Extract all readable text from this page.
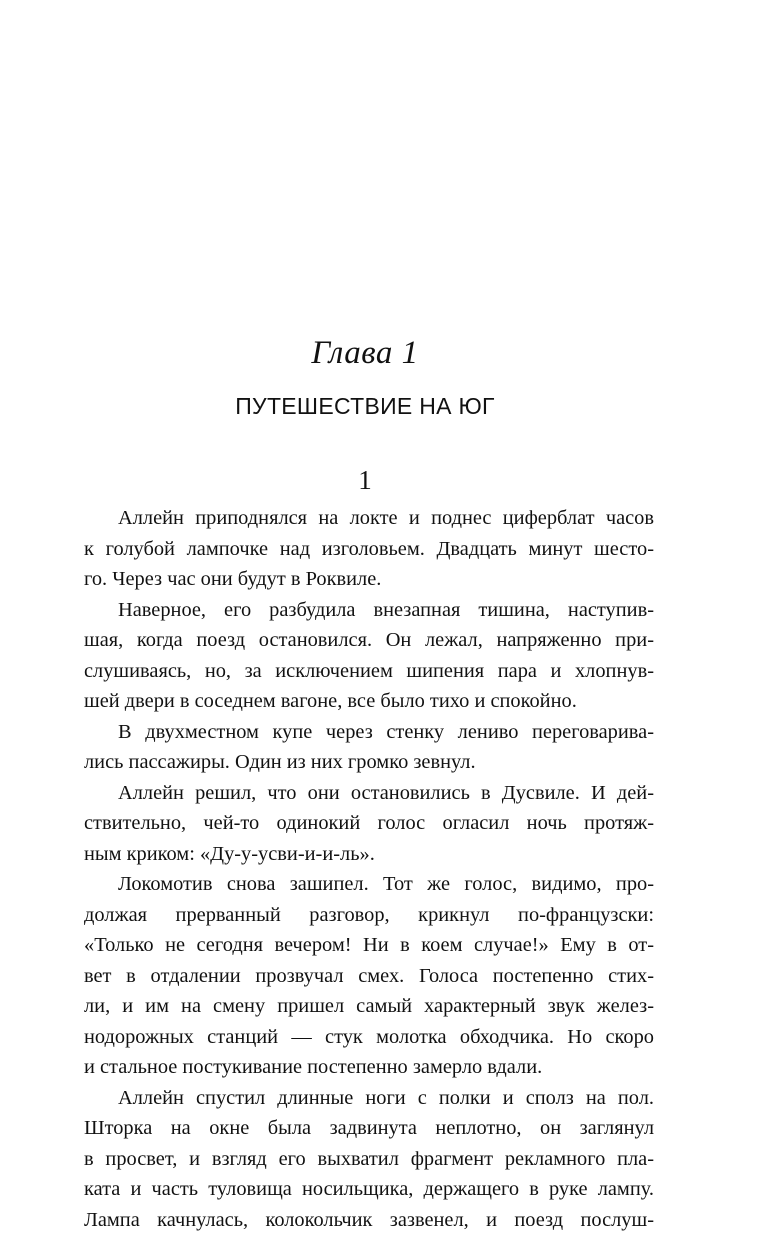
Глава 1
ПУТЕШЕСТВИЕ НА ЮГ
1
Аллейн приподнялся на локте и поднес циферблат часов
к голубой лампочке над изголовьем. Двадцать минут шесто-
го. Через час они будут в Роквиле.
Наверное, его разбудила внезапная тишина, наступив-
шая, когда поезд остановился. Он лежал, напряженно при-
слушиваясь, но, за исключением шипения пара и хлопнув-
шей двери в соседнем вагоне, все было тихо и спокойно.
В двухместном купе через стенку лениво переговарива-
лись пассажиры. Один из них громко зевнул.
Аллейн решил, что они остановились в Дусвиле. И дей-
ствительно, чей-то одинокий голос огласил ночь протяж-
ным криком: «Ду-у-усви-и-и-ль».
Локомотив снова зашипел. Тот же голос, видимо, про-
должая прерванный разговор, крикнул по-французски:
«Только не сегодня вечером! Ни в коем случае!» Ему в от-
вет в отдалении прозвучал смех. Голоса постепенно стих-
ли, и им на смену пришел самый характерный звук желез-
нодорожных станций — стук молотка обходчика. Но скоро
и стальное постукивание постепенно замерло вдали.
Аллейн спустил длинные ноги с полки и сполз на пол.
Шторка на окне была задвинута неплотно, он заглянул
в просвет, и взгляд его выхватил фрагмент рекламного пла-
ката и часть туловища носильщика, держащего в руке лампу.
Лампа качнулась, колокольчик зазвенел, и поезд послуш-
